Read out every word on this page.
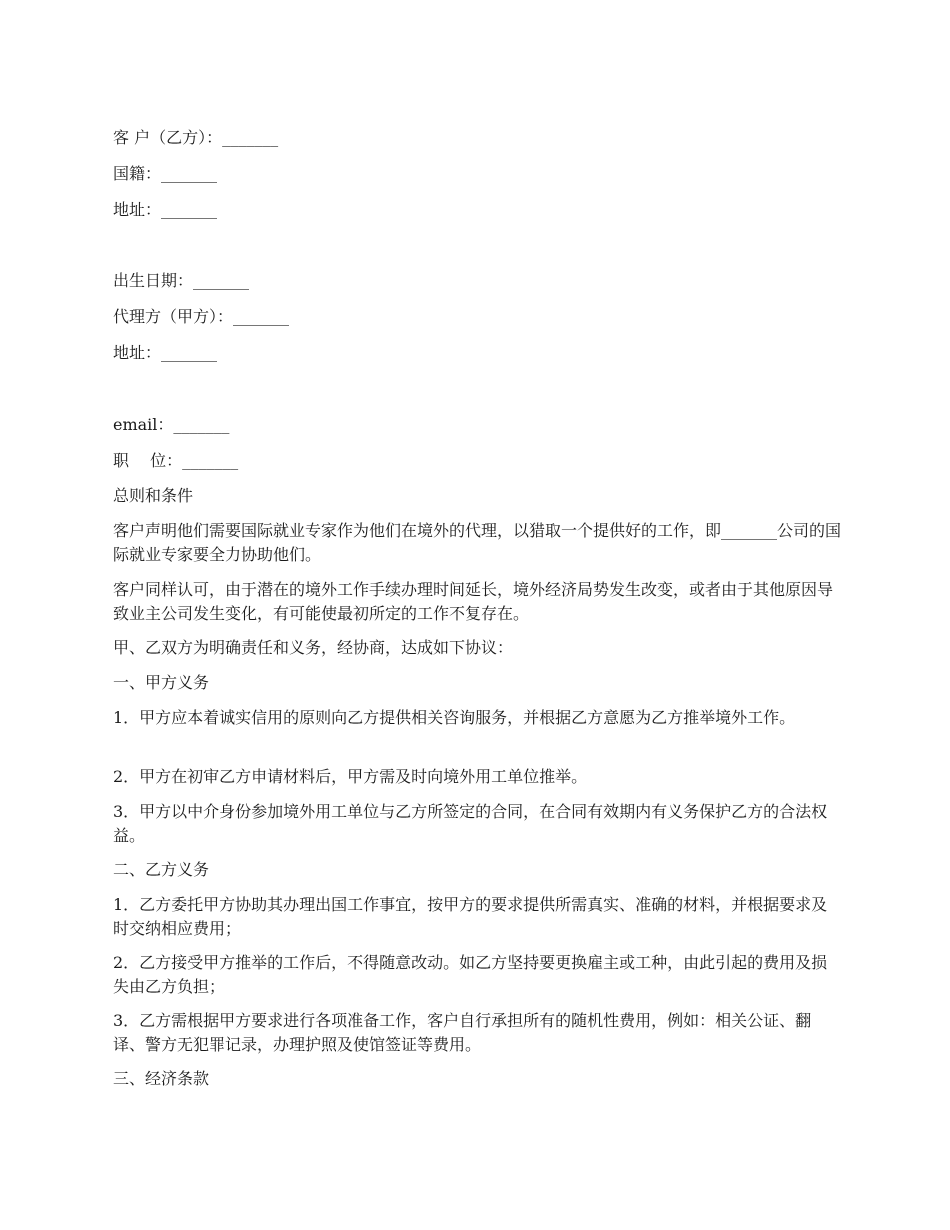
客 户（乙方）：_______
国籍：_______
地址：_______
出生日期：_______
代理方（甲方）：_______
地址：_______
email：_______
职　 位：_______
总则和条件
客户声明他们需要国际就业专家作为他们在境外的代理，以猎取一个提供好的工作，即_______公司的国际就业专家要全力协助他们。
客户同样认可，由于潜在的境外工作手续办理时间延长，境外经济局势发生改变，或者由于其他原因导致业主公司发生变化，有可能使最初所定的工作不复存在。
甲、乙双方为明确责任和义务，经协商，达成如下协议：
一、甲方义务
1．甲方应本着诚实信用的原则向乙方提供相关咨询服务，并根据乙方意愿为乙方推举境外工作。
2．甲方在初审乙方申请材料后，甲方需及时向境外用工单位推举。
3．甲方以中介身份参加境外用工单位与乙方所签定的合同，在合同有效期内有义务保护乙方的合法权益。
二、乙方义务
1．乙方委托甲方协助其办理出国工作事宜，按甲方的要求提供所需真实、准确的材料，并根据要求及时交纳相应费用；
2．乙方接受甲方推举的工作后，不得随意改动。如乙方坚持要更换雇主或工种，由此引起的费用及损失由乙方负担；
3．乙方需根据甲方要求进行各项准备工作，客户自行承担所有的随机性费用，例如：相关公证、翻译、警方无犯罪记录，办理护照及使馆签证等费用。
三、经济条款
